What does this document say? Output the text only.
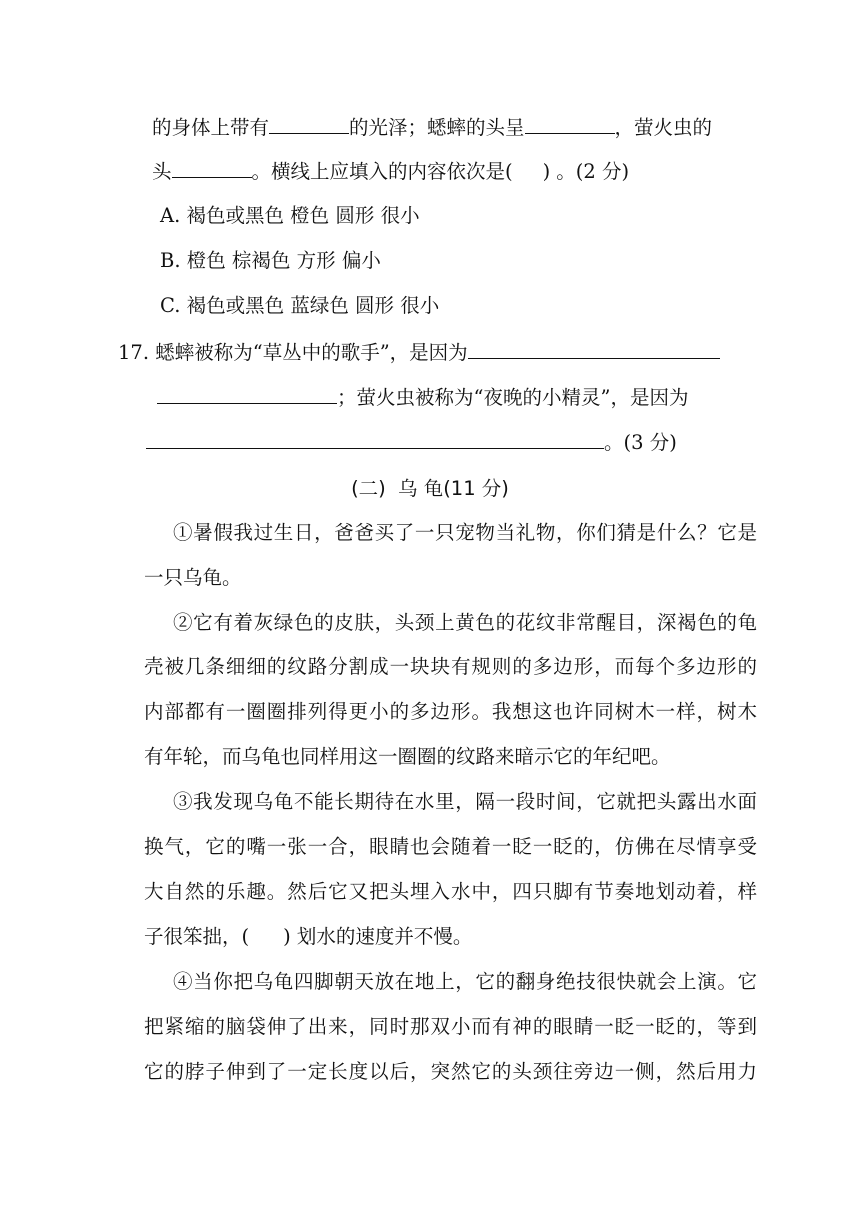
的身体上带有	的光泽；蟋蟀的头呈	，萤火虫的
头	。横线上应填入的内容依次是( ) 。(2 分)
A. 褐色或黑色 橙色 圆形 很小
B. 橙色 棕褐色 方形 偏小
C. 褐色或黑色 蓝绿色 圆形 很小
17. 蟋蟀被称为“草丛中的歌手”，是因为
；萤火虫被称为“夜晚的小精灵”，是因为
。(3 分)
(二) 乌 龟(11 分)
①暑假我过生日，爸爸买了一只宠物当礼物，你们猜是什么？它是
一只乌龟。
②它有着灰绿色的皮肤，头颈上黄色的花纹非常醒目，深褐色的龟
壳被几条细细的纹路分割成一块块有规则的多边形，而每个多边形的
内部都有一圈圈排列得更小的多边形。我想这也许同树木一样，树木
有年轮，而乌龟也同样用这一圈圈的纹路来暗示它的年纪吧。
③我发现乌龟不能长期待在水里，隔一段时间，它就把头露出水面
换气，它的嘴一张一合，眼睛也会随着一眨一眨的，仿佛在尽情享受
大自然的乐趣。然后它又把头埋入水中，四只脚有节奏地划动着，样
子很笨拙，( ) 划水的速度并不慢。
④当你把乌龟四脚朝天放在地上，它的翻身绝技很快就会上演。它
把紧缩的脑袋伸了出来，同时那双小而有神的眼睛一眨一眨的，等到
它的脖子伸到了一定长度以后，突然它的头颈往旁边一侧，然后用力
